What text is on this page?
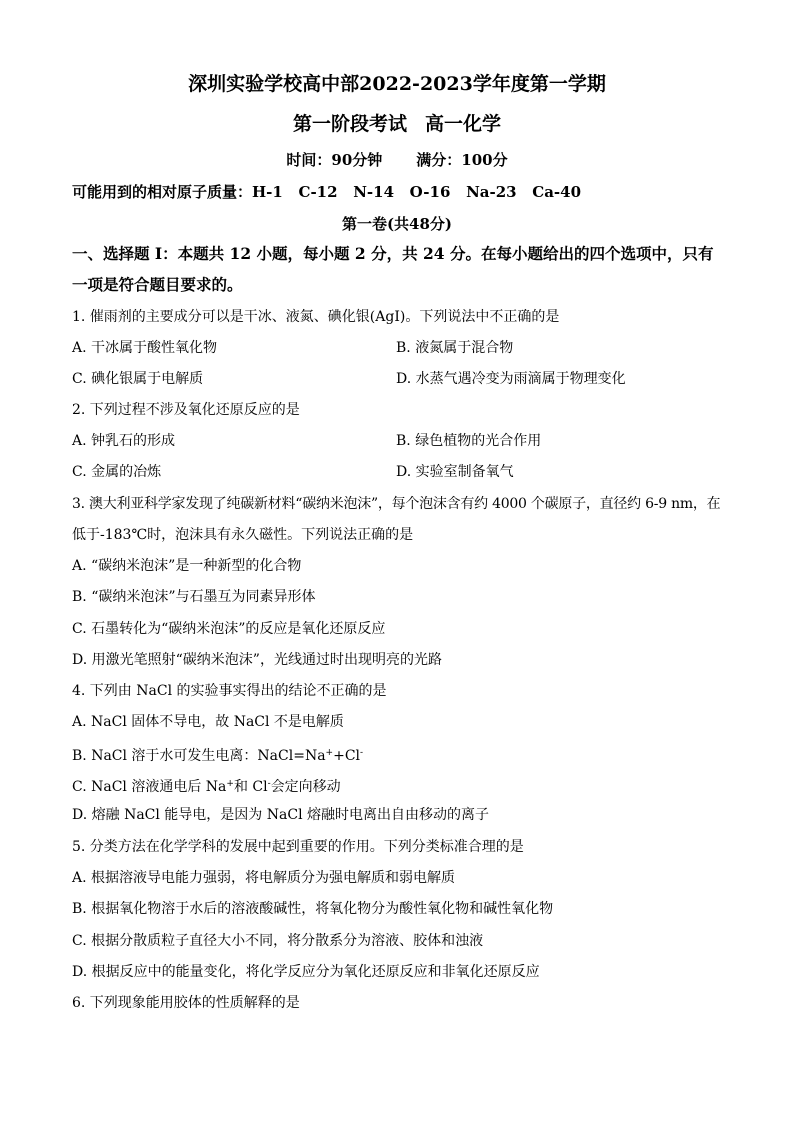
深圳实验学校高中部2022-2023学年度第一学期
第一阶段考试 高一化学
时间：90分钟 满分：100分
可能用到的相对原子质量：H-1   C-12   N-14   O-16   Na-23   Ca-40
第一卷(共48分)
一、选择题 I：本题共 12 小题，每小题 2 分，共 24 分。在每小题给出的四个选项中，只有
一项是符合题目要求的。
1. 催雨剂的主要成分可以是干冰、液氮、碘化银(AgI)。下列说法中不正确的是
A. 干冰属于酸性氧化物	B. 液氮属于混合物
C. 碘化银属于电解质	D. 水蒸气遇冷变为雨滴属于物理变化
2. 下列过程不涉及氧化还原反应的是
A. 钟乳石的形成	B. 绿色植物的光合作用
C. 金属的冶炼	D. 实验室制备氧气
3. 澳大利亚科学家发现了纯碳新材料“碳纳米泡沫”，每个泡沫含有约 4000 个碳原子，直径约 6-9 nm，在
低于-183℃时，泡沫具有永久磁性。下列说法正确的是
A. “碳纳米泡沫”是一种新型的化合物
B. “碳纳米泡沫”与石墨互为同素异形体
C. 石墨转化为“碳纳米泡沫”的反应是氧化还原反应
D. 用激光笔照射“碳纳米泡沫”，光线通过时出现明亮的光路
4. 下列由 NaCl 的实验事实得出的结论不正确的是
A. NaCl 固体不导电，故 NaCl 不是电解质
B. NaCl 溶于水可发生电离：NaCl=Na++Cl-
C. NaCl 溶液通电后 Na+和 Cl-会定向移动
D. 熔融 NaCl 能导电，是因为 NaCl 熔融时电离出自由移动的离子
5. 分类方法在化学学科的发展中起到重要的作用。下列分类标准合理的是
A. 根据溶液导电能力强弱，将电解质分为强电解质和弱电解质
B. 根据氧化物溶于水后的溶液酸碱性，将氧化物分为酸性氧化物和碱性氧化物
C. 根据分散质粒子直径大小不同，将分散系分为溶液、胶体和浊液
D. 根据反应中的能量变化，将化学反应分为氧化还原反应和非氧化还原反应
6. 下列现象能用胶体的性质解释的是
